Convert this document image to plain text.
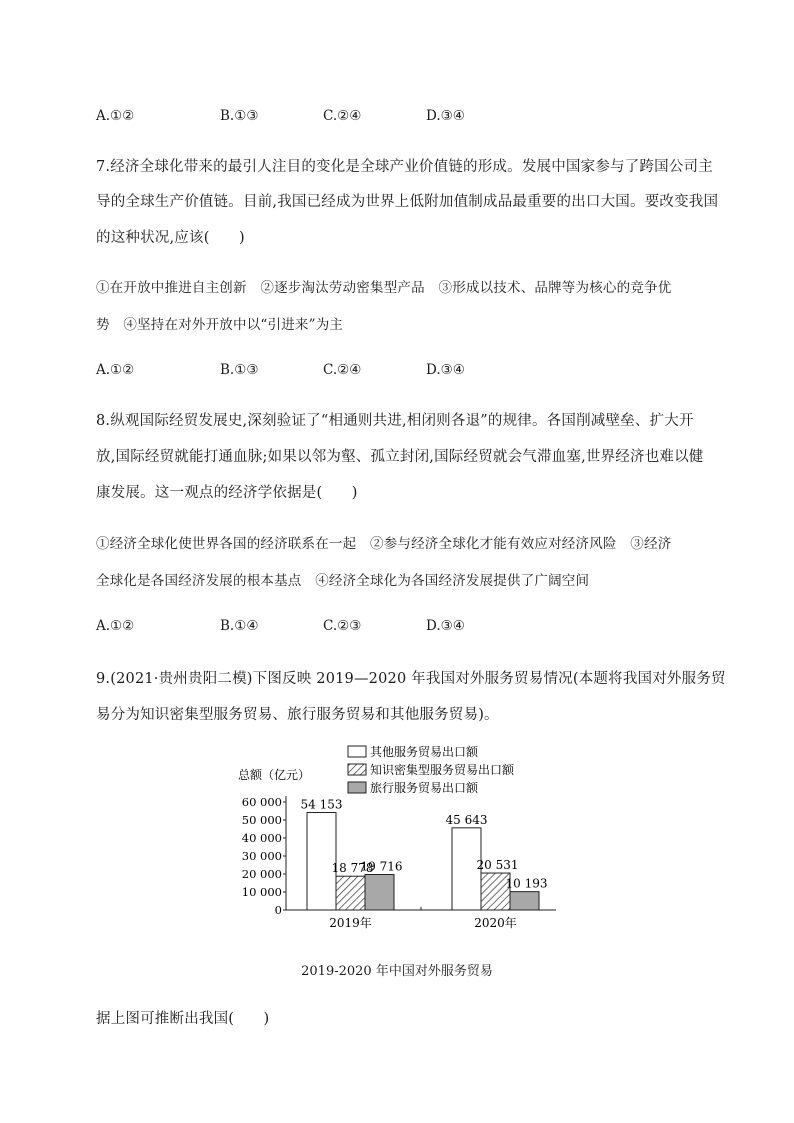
A.①②	B.①③	C.②④	D.③④
7.经济全球化带来的最引人注目的变化是全球产业价值链的形成。发展中国家参与了跨国公司主
导的全球生产价值链。目前,我国已经成为世界上低附加值制成品最重要的出口大国。要改变我国
的这种状况,应该(　　)
①在开放中推进自主创新　②逐步淘汰劳动密集型产品　③形成以技术、品牌等为核心的竞争优
势　④坚持在对外开放中以“引进来”为主
A.①②	B.①③	C.②④	D.③④
8.纵观国际经贸发展史,深刻验证了“相通则共进,相闭则各退”的规律。各国削减壁垒、扩大开
放,国际经贸就能打通血脉;如果以邻为壑、孤立封闭,国际经贸就会气滞血塞,世界经济也难以健
康发展。这一观点的经济学依据是(　　)
①经济全球化使世界各国的经济联系在一起　②参与经济全球化才能有效应对经济风险　③经济
全球化是各国经济发展的根本基点　④经济全球化为各国经济发展提供了广阔空间
A.①②	B.①④	C.②③	D.③④
9.(2021·贵州贵阳二模)下图反映 2019—2020 年我国对外服务贸易情况(本题将我国对外服务贸
易分为知识密集型服务贸易、旅行服务贸易和其他服务贸易)。
其他服务贸易出口额
知识密集型服务贸易出口额
旅行服务贸易出口额
总额（亿元）
0
10 000
20 000
30 000
40 000
50 000
60 000 54 153
18 778
19 716
45 643
20 531
10 193
2019年	2020年
2019-2020 年中国对外服务贸易
据上图可推断出我国(　　)
